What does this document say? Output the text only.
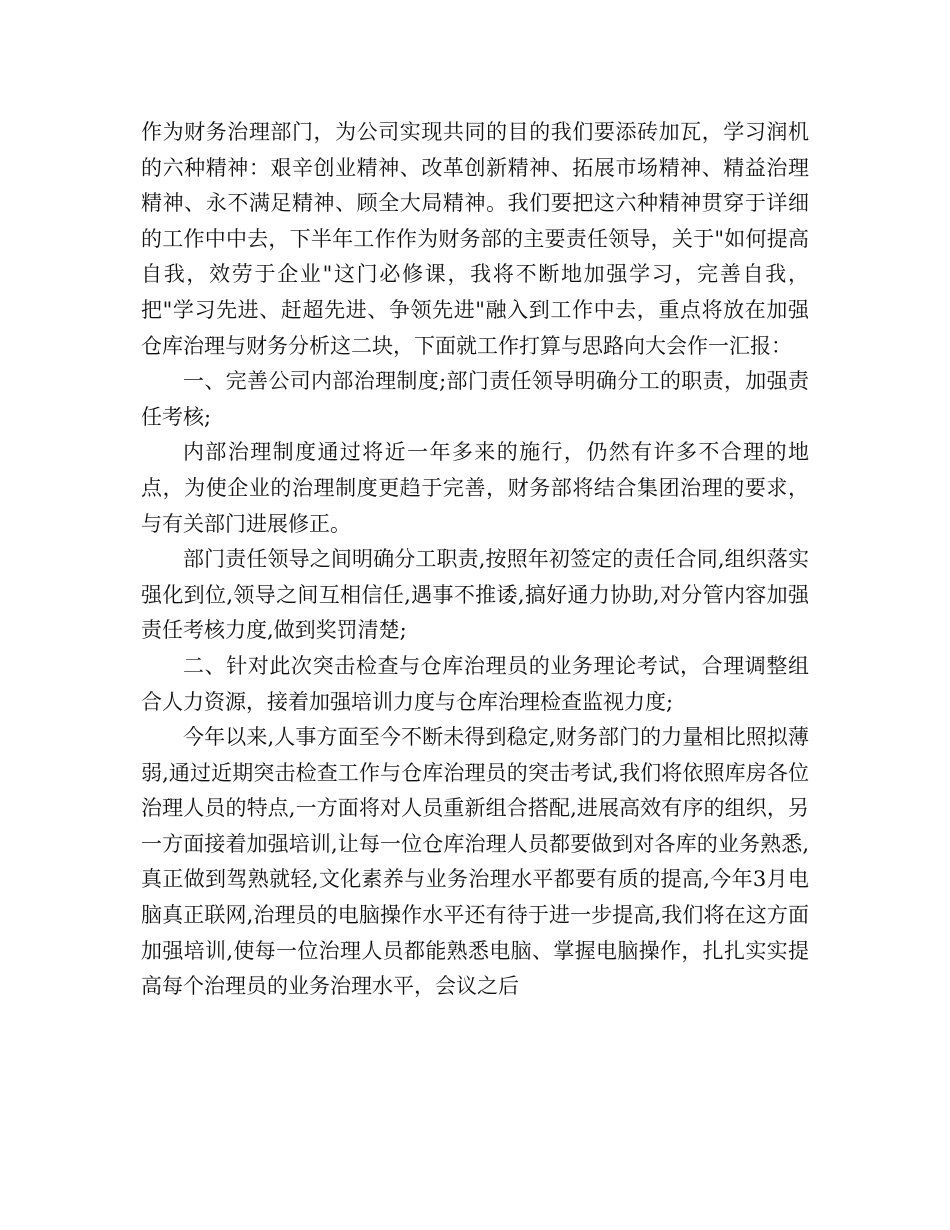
作为财务治理部门，为公司实现共同的目的我们要添砖加瓦，学习润机的六种精神：艰辛创业精神、改革创新精神、拓展市场精神、精益治理精神、永不满足精神、顾全大局精神。我们要把这六种精神贯穿于详细的工作中中去，下半年工作作为财务部的主要责任领导，关于"如何提高自我，效劳于企业"这门必修课，我将不断地加强学习，完善自我，把"学习先进、赶超先进、争领先进"融入到工作中去，重点将放在加强仓库治理与财务分析这二块，下面就工作打算与思路向大会作一汇报：

一、完善公司内部治理制度;部门责任领导明确分工的职责，加强责任考核;

内部治理制度通过将近一年多来的施行，仍然有许多不合理的地点，为使企业的治理制度更趋于完善，财务部将结合集团治理的要求，与有关部门进展修正。

部门责任领导之间明确分工职责,按照年初签定的责任合同,组织落实强化到位,领导之间互相信任,遇事不推诿,搞好通力协助,对分管内容加强责任考核力度,做到奖罚清楚;

二、针对此次突击检查与仓库治理员的业务理论考试，合理调整组合人力资源，接着加强培训力度与仓库治理检查监视力度;

今年以来,人事方面至今不断未得到稳定,财务部门的力量相比照拟薄弱,通过近期突击检查工作与仓库治理员的突击考试,我们将依照库房各位治理人员的特点,一方面将对人员重新组合搭配,进展高效有序的组织，另一方面接着加强培训,让每一位仓库治理人员都要做到对各库的业务熟悉,真正做到驾熟就轻,文化素养与业务治理水平都要有质的提高,今年3月电脑真正联网,治理员的电脑操作水平还有待于进一步提高,我们将在这方面加强培训,使每一位治理人员都能熟悉电脑、掌握电脑操作，扎扎实实提高每个治理员的业务治理水平，会议之后
